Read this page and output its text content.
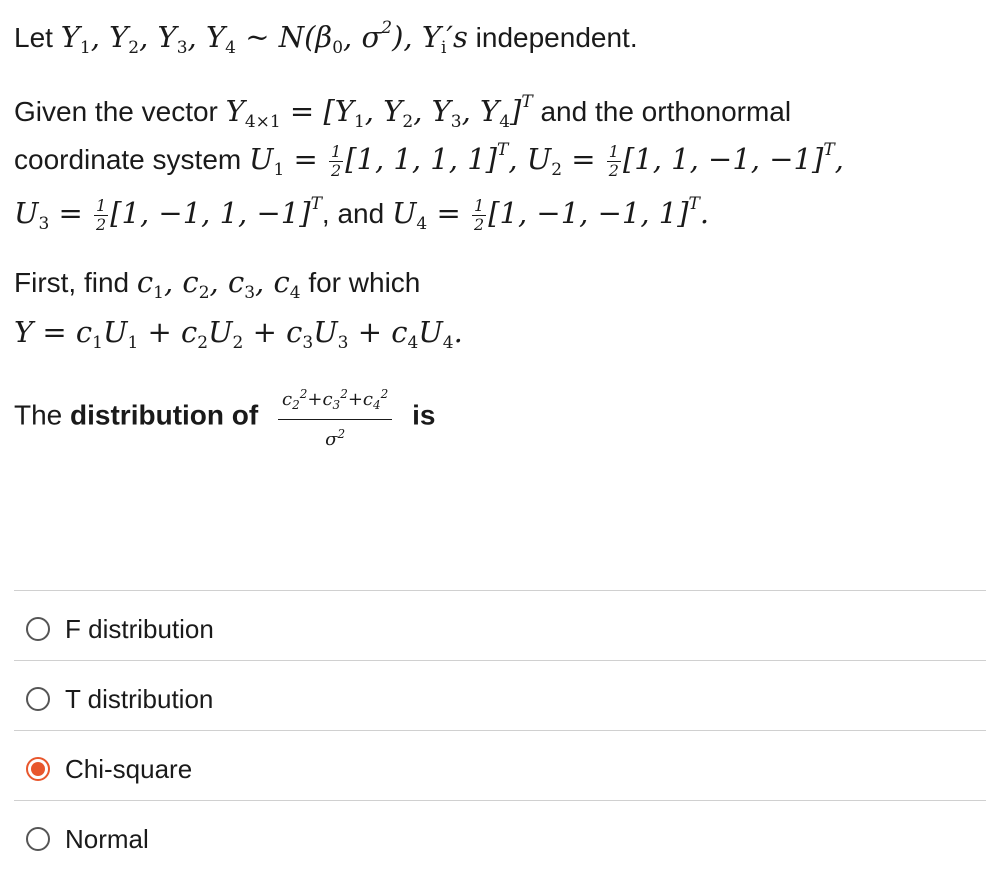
Let $Y_1$, $Y_2$, $Y_3$, $Y_4$ ~ $N(\beta_0$, $\sigma^2$), $Y_i's$ independent.
Given the vector $Y_{4\times 1} = [Y_1$, $Y_2$, $Y_3$, $Y_4]^T$ and the orthonormal
coordinate system $U_1 = \frac{1}{2} [1$, 1, 1, 1]$^T$, $U_2 = \frac{1}{2} [1$, 1, −1, −1]$^T$,
$U_3 = \frac{1}{2} [1$, −1, 1, −1]$^T$, and $U_4 = \frac{1}{2} [1$, −1, −1, 1]$^T$.
First, find $c_1$, $c_2$, $c_3$, $c_4$ for which
$Y = c_1U_1 + c_2U_2 + c_3U_3 + c_4U_4$.
The distribution of $\frac{c_2^2+c_3^2+c_4^2}{\sigma^2}$ is
F distribution
T distribution
Chi-square
Normal
